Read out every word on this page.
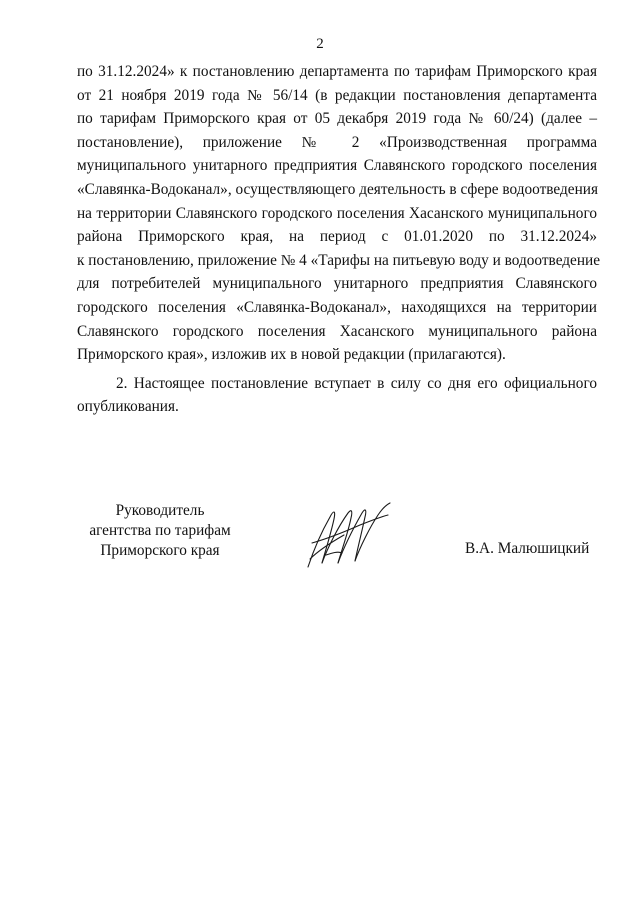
2
по 31.12.2024» к постановлению департамента по тарифам Приморского края
от 21 ноября 2019 года № 56/14 (в редакции постановления департамента
по тарифам Приморского края от 05 декабря 2019 года № 60/24) (далее –
постановление), приложение № 2 «Производственная программа
муниципального унитарного предприятия Славянского городского поселения
«Славянка-Водоканал», осуществляющего деятельность в сфере водоотведения
на территории Славянского городского поселения Хасанского муниципального
района Приморского края, на период с 01.01.2020 по 31.12.2024»
к постановлению, приложение № 4 «Тарифы на питьевую воду и водоотведение
для потребителей муниципального унитарного предприятия Славянского
городского поселения «Славянка-Водоканал», находящихся на территории
Славянского городского поселения Хасанского муниципального района
Приморского края», изложив их в новой редакции (прилагаются).
2. Настоящее постановление вступает в силу со дня его официального
опубликования.
Руководитель
агентства по тарифам
Приморского края	В.А. Малюшицкий
